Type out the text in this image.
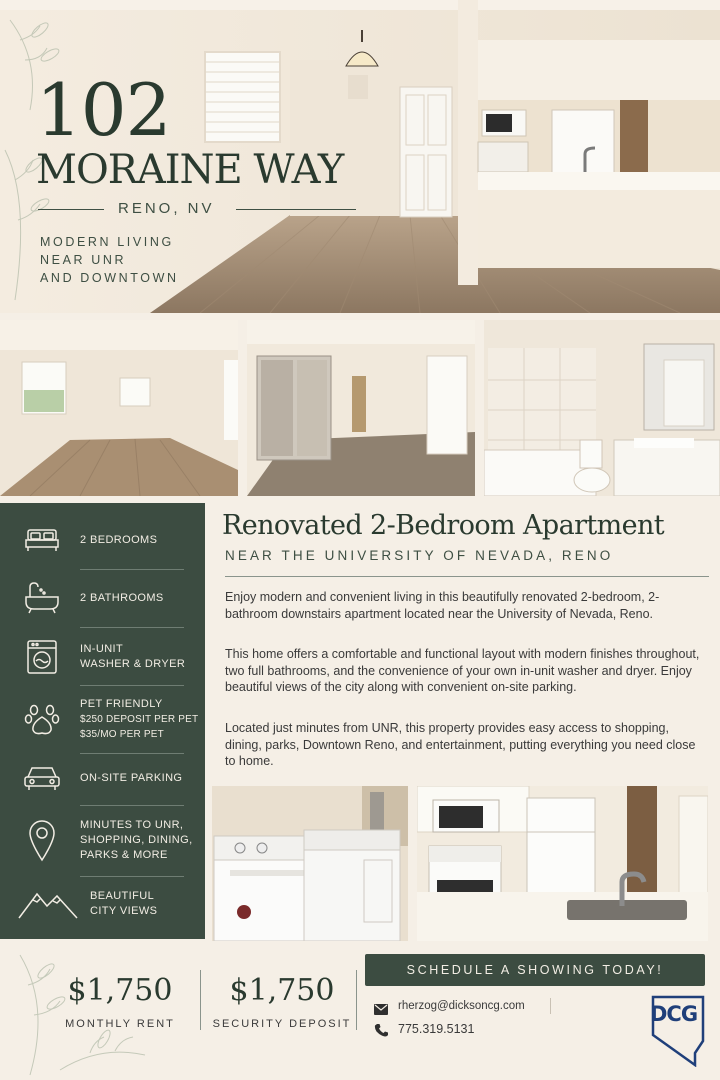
102
MORAINE WAY
RENO, NV
MODERN LIVING
NEAR UNR
AND DOWNTOWN
2 BEDROOMS
2 BATHROOMS
IN-UNIT
WASHER & DRYER
PET FRIENDLY
$250 DEPOSIT PER PET
$35/MO PER PET
ON-SITE PARKING
MINUTES TO UNR,
SHOPPING, DINING,
PARKS & MORE
BEAUTIFUL
CITY VIEWS
Renovated 2-Bedroom Apartment
NEAR THE UNIVERSITY OF NEVADA, RENO
Enjoy modern and convenient living in this beautifully renovated 2-bedroom, 2-bathroom downstairs apartment located near the University of Nevada, Reno.
This home offers a comfortable and functional layout with modern finishes throughout, two full bathrooms, and the convenience of your own in-unit washer and dryer. Enjoy beautiful views of the city along with convenient on-site parking.
Located just minutes from UNR, this property provides easy access to shopping, dining, parks, Downtown Reno, and entertainment, putting everything you need close to home.
$1,750
MONTHLY RENT
$1,750
SECURITY DEPOSIT
SCHEDULE A SHOWING TODAY!
rherzog@dicksoncg.com
775.319.5131
DCG
